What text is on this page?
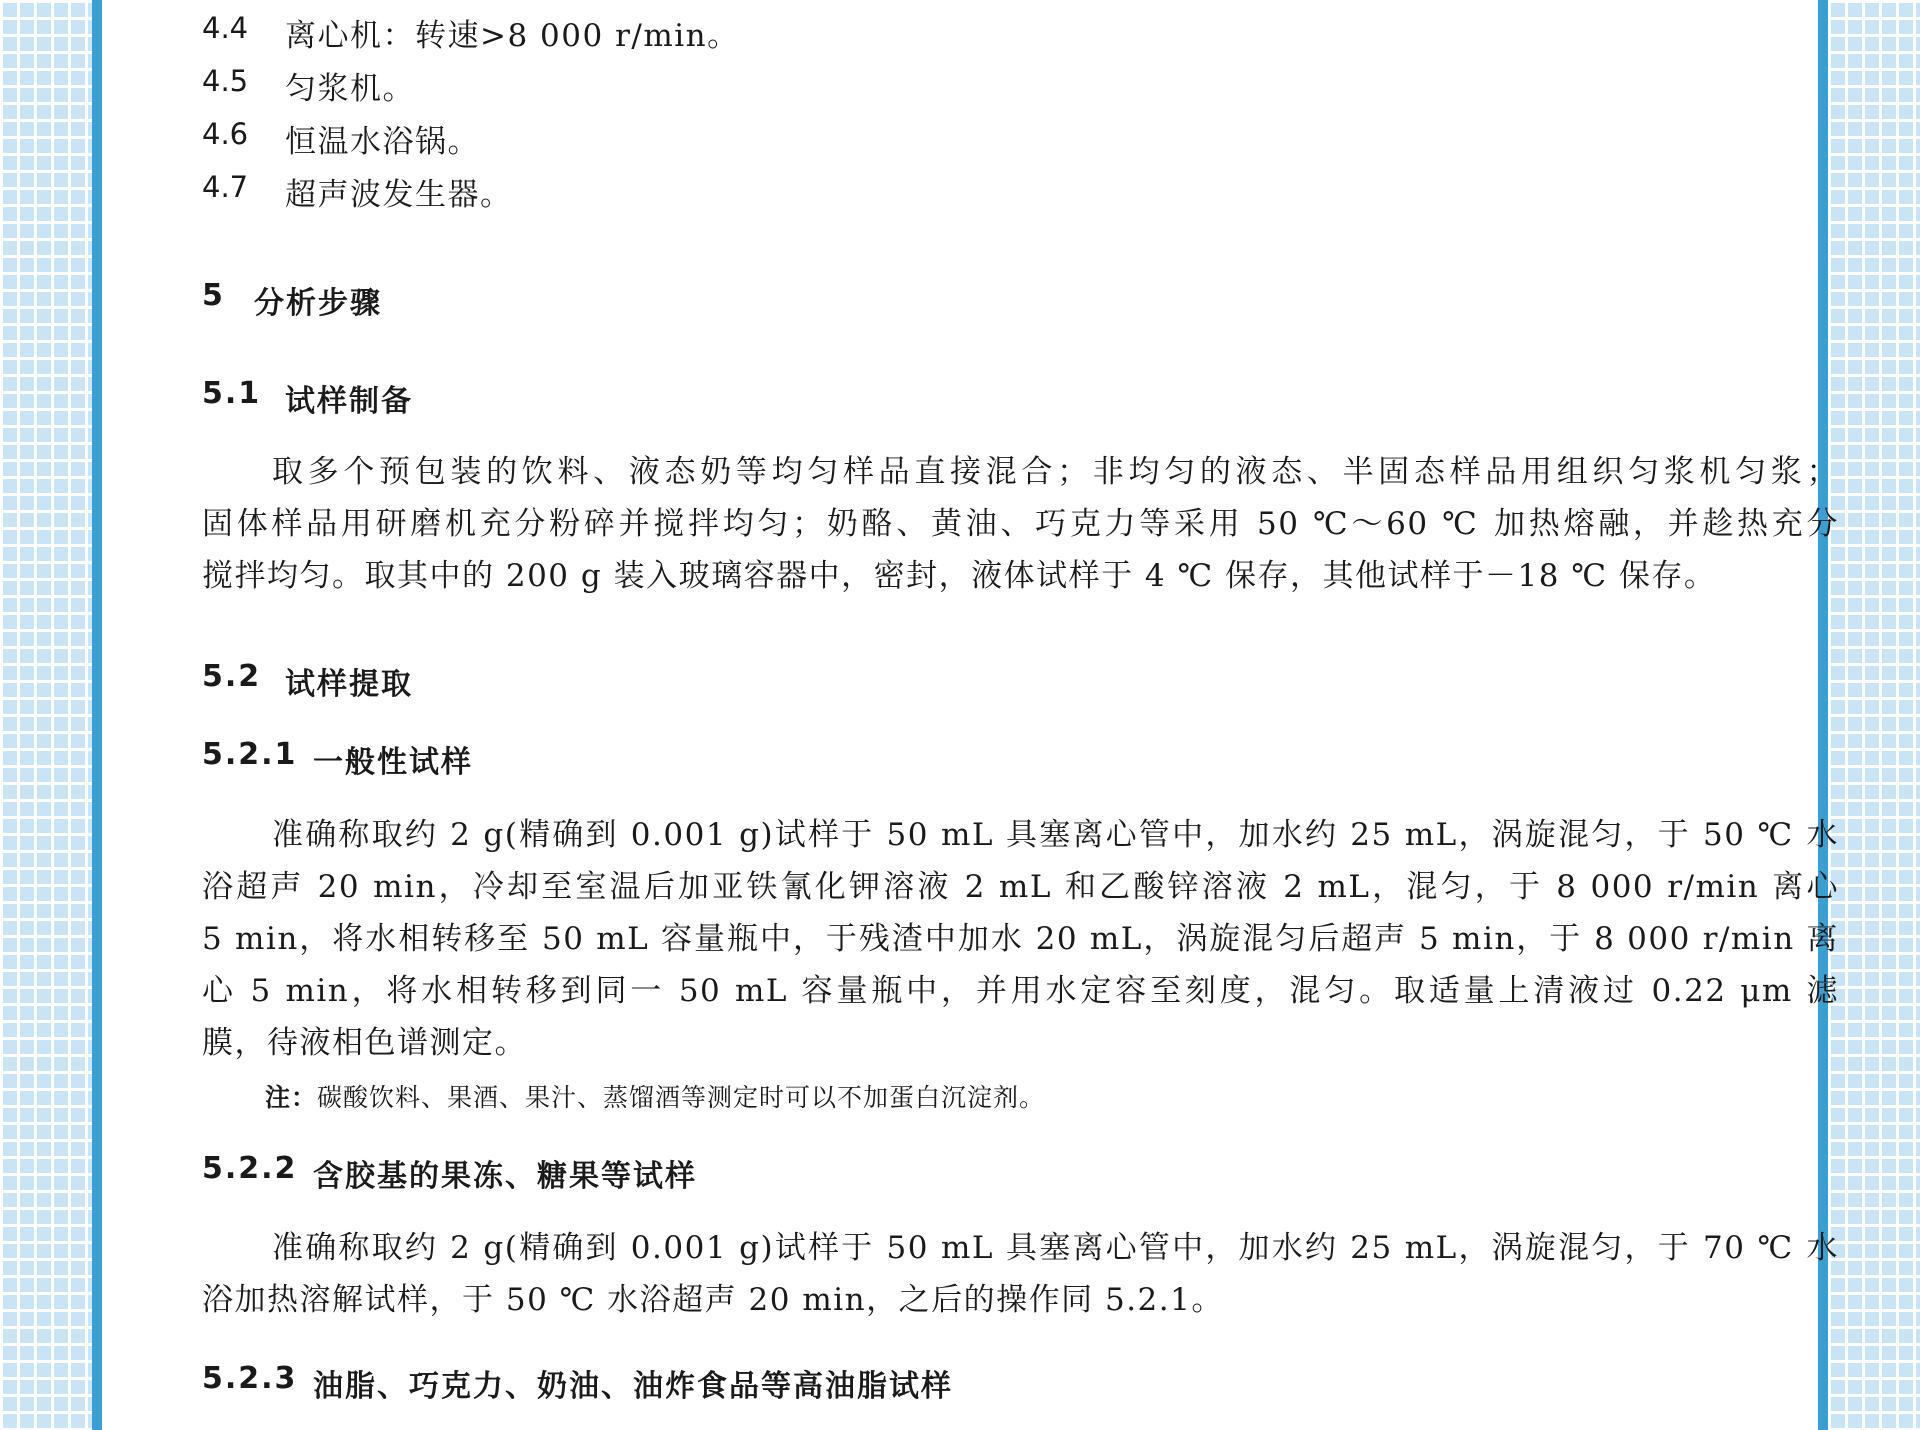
4.4 离心机：转速>8 000 r/min。
4.5 匀浆机。
4.6 恒温水浴锅。
4.7 超声波发生器。
5 分析步骤
5.1 试样制备
取多个预包装的饮料、液态奶等均匀样品直接混合；非均匀的液态、半固态样品用组织匀浆机匀浆；
固体样品用研磨机充分粉碎并搅拌均匀；奶酪、黄油、巧克力等采用 50 ℃～60 ℃ 加热熔融，并趁热充分
搅拌均匀。取其中的 200 g 装入玻璃容器中，密封，液体试样于 4 ℃ 保存，其他试样于－18 ℃ 保存。
5.2 试样提取
5.2.1 一般性试样
准确称取约 2 g(精确到 0.001 g)试样于 50 mL 具塞离心管中，加水约 25 mL，涡旋混匀，于 50 ℃ 水
浴超声 20 min，冷却至室温后加亚铁氰化钾溶液 2 mL 和乙酸锌溶液 2 mL，混匀，于 8 000 r/min 离心
5 min，将水相转移至 50 mL 容量瓶中，于残渣中加水 20 mL，涡旋混匀后超声 5 min，于 8 000 r/min 离
心 5 min，将水相转移到同一 50 mL 容量瓶中，并用水定容至刻度，混匀。取适量上清液过 0.22 μm 滤
膜，待液相色谱测定。
注：碳酸饮料、果酒、果汁、蒸馏酒等测定时可以不加蛋白沉淀剂。
5.2.2 含胶基的果冻、糖果等试样
准确称取约 2 g(精确到 0.001 g)试样于 50 mL 具塞离心管中，加水约 25 mL，涡旋混匀，于 70 ℃ 水
浴加热溶解试样，于 50 ℃ 水浴超声 20 min，之后的操作同 5.2.1。
5.2.3 油脂、巧克力、奶油、油炸食品等高油脂试样
